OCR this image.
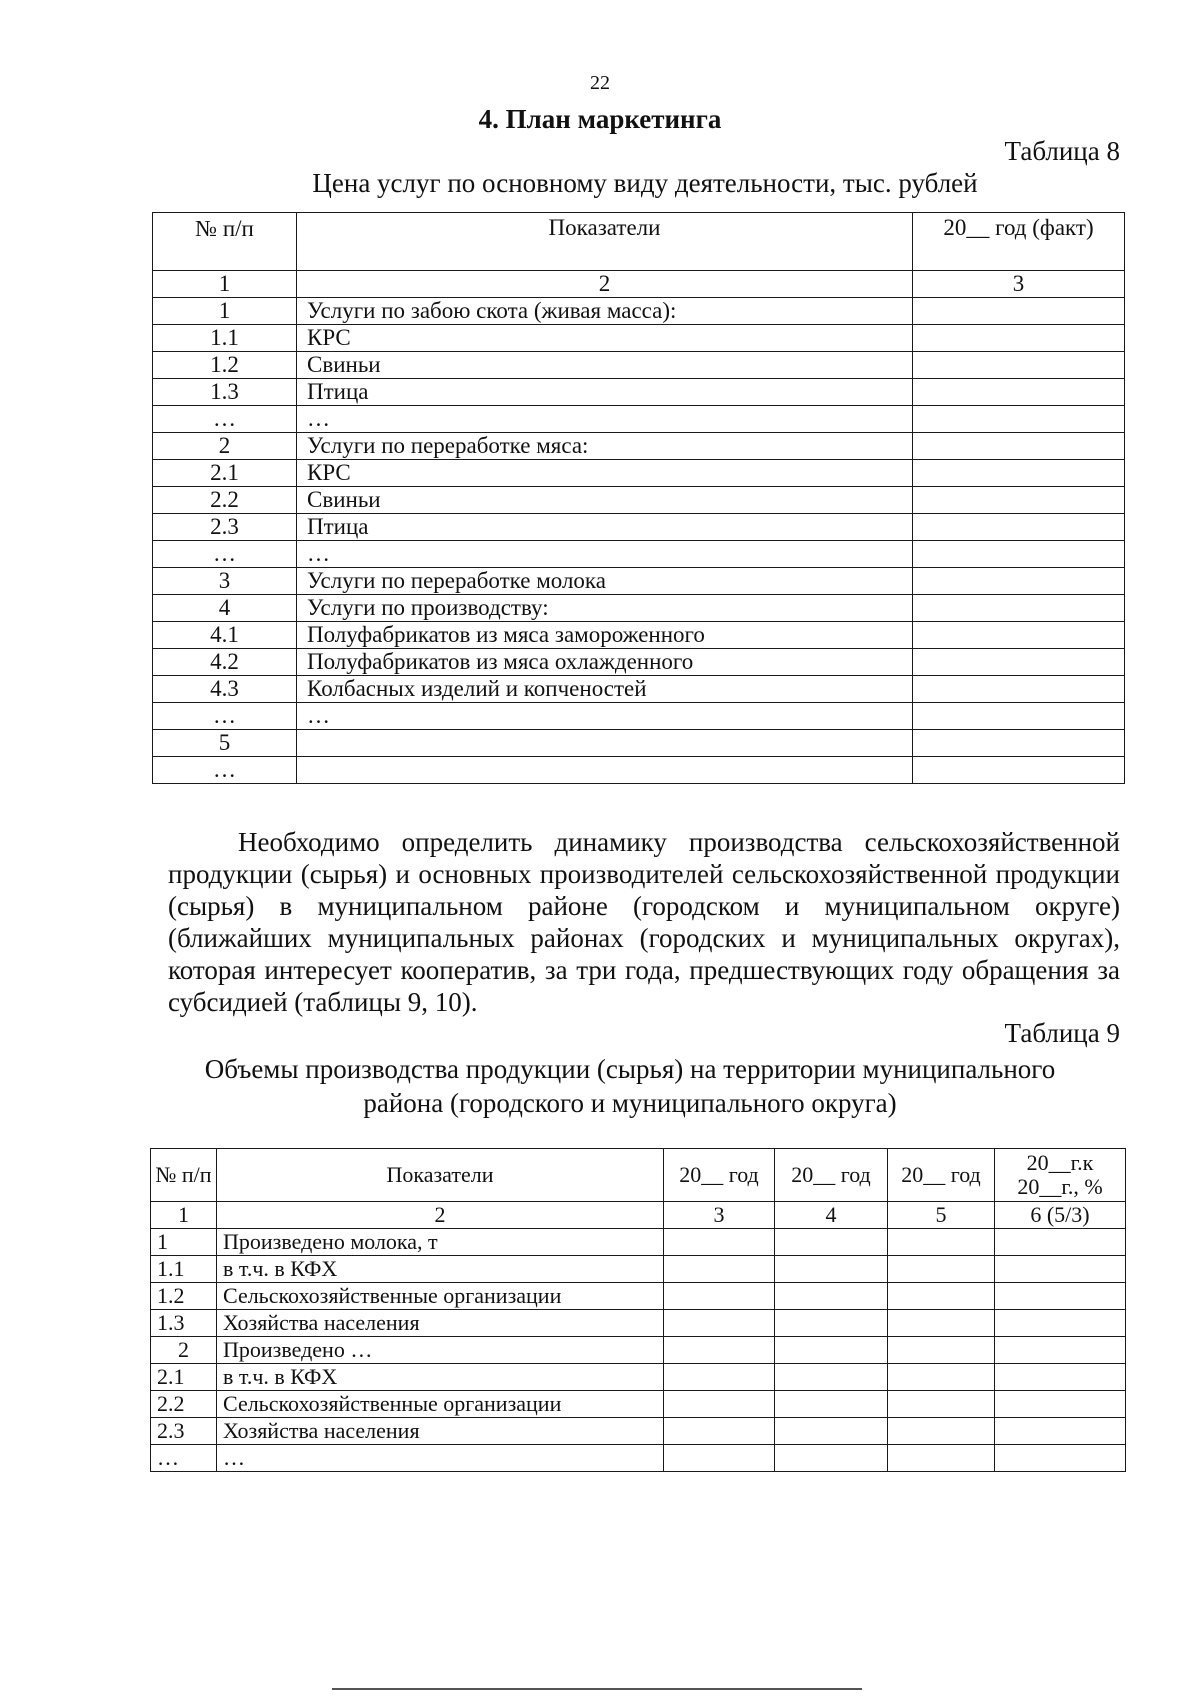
22
4. План маркетинга
Таблица 8
Цена услуг по основному виду деятельности, тыс. рублей
№ п/п	Показатели	20__ год (факт)
1	2	3
1	Услуги по забою скота (живая масса):	
1.1	КРС	
1.2	Свиньи	
1.3	Птица	
…	…	
2	Услуги по переработке мяса:	
2.1	КРС	
2.2	Свиньи	
2.3	Птица	
…	…	
3	Услуги по переработке молока	
4	Услуги по производству:	
4.1	Полуфабрикатов из мяса замороженного	
4.2	Полуфабрикатов из мяса охлажденного	
4.3	Колбасных изделий и копченостей	
…	…	
5		
…		
Необходимо определить динамику производства сельскохозяйственной продукции (сырья) и основных производителей сельскохозяйственной продукции (сырья) в муниципальном районе (городском и муниципальном округе) (ближайших муниципальных районах (городских и муниципальных округах), которая интересует кооператив, за три года, предшествующих году обращения за субсидией (таблицы 9, 10).
Таблица 9
Объемы производства продукции (сырья) на территории муниципального района (городского и муниципального округа)
№ п/п	Показатели	20__ год	20__ год	20__ год	20__г.к 20__г., %
1	2	3	4	5	6 (5/3)
1	Произведено молока, т				
1.1	в т.ч. в КФХ				
1.2	Сельскохозяйственные организации				
1.3	Хозяйства населения				
2	Произведено …				
2.1	в т.ч. в КФХ				
2.2	Сельскохозяйственные организации				
2.3	Хозяйства населения				
…	…				
